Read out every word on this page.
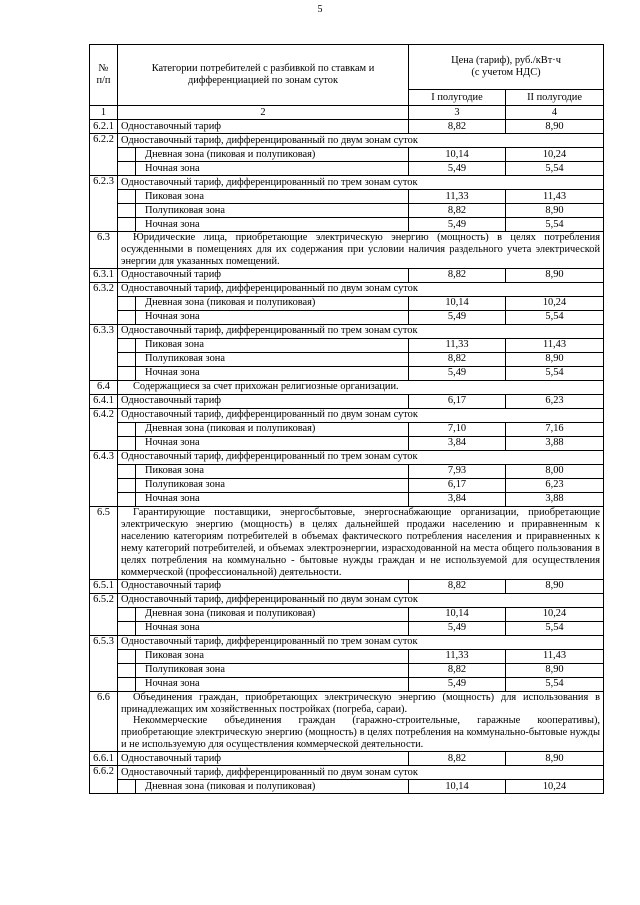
5
№
п/п	Категории потребителей с разбивкой по ставкам и дифференциацией по зонам суток		Цена (тариф), руб./кВт·ч
(с учетом НДС)	
			I полугодие	II полугодие
1	2		3	4
6.2.1	Одноставочный тариф		8,82	8,90
6.2.2	Одноставочный тариф, дифференцированный по двум зонам суток			
		Дневная зона (пиковая и полупиковая)	10,14	10,24
		Ночная зона	5,49	5,54
6.2.3	Одноставочный тариф, дифференцированный по трем зонам суток			
		Пиковая зона	11,33	11,43
		Полупиковая зона	8,82	8,90
		Ночная зона	5,49	5,54
6.3	Юридические лица, приобретающие электрическую энергию (мощность) в целях потребления осужденными в помещениях для их содержания при условии наличия раздельного учета электрической энергии для указанных помещений.			

6.3.1	Одноставочный тариф		8,82	8,90
6.3.2	Одноставочный тариф, дифференцированный по двум зонам суток			
		Дневная зона (пиковая и полупиковая)	10,14	10,24
		Ночная зона	5,49	5,54
6.3.3	Одноставочный тариф, дифференцированный по трем зонам суток			
		Пиковая зона	11,33	11,43
		Полупиковая зона	8,82	8,90
		Ночная зона	5,49	5,54
6.4	Содержащиеся за счет прихожан религиозные организации.			

6.4.1	Одноставочный тариф		6,17	6,23
6.4.2	Одноставочный тариф, дифференцированный по двум зонам суток			
		Дневная зона (пиковая и полупиковая)	7,10	7,16
		Ночная зона	3,84	3,88
6.4.3	Одноставочный тариф, дифференцированный по трем зонам суток			
		Пиковая зона	7,93	8,00
		Полупиковая зона	6,17	6,23
		Ночная зона	3,84	3,88
6.5	Гарантирующие поставщики, энергосбытовые, энергоснабжающие организации, приобретающие электрическую энергию (мощность) в целях дальнейшей продажи населению и приравненным к населению категориям потребителей в объемах фактического потребления населения и приравненных к нему категорий потребителей, и объемах электроэнергии, израсходованной на места общего пользования в целях потребления на коммунально - бытовые нужды граждан и не используемой для осуществления коммерческой (профессиональной) деятельности.			

6.5.1	Одноставочный тариф		8,82	8,90
6.5.2	Одноставочный тариф, дифференцированный по двум зонам суток			
		Дневная зона (пиковая и полупиковая)	10,14	10,24
		Ночная зона	5,49	5,54
6.5.3	Одноставочный тариф, дифференцированный по трем зонам суток			
		Пиковая зона	11,33	11,43
		Полупиковая зона	8,82	8,90
		Ночная зона	5,49	5,54
6.6	Объединения граждан, приобретающих электрическую энергию (мощность) для использования в принадлежащих им хозяйственных постройках (погреба, сараи).
Некоммерческие объединения граждан (гаражно-строительные, гаражные кооперативы), приобретающие электрическую энергию (мощность) в целях потребления на коммунально-бытовые нужды и не используемую для осуществления коммерческой деятельности.			

6.6.1	Одноставочный тариф		8,82	8,90
6.6.2	Одноставочный тариф, дифференцированный по двум зонам суток			
		Дневная зона (пиковая и полупиковая)	10,14	10,24
